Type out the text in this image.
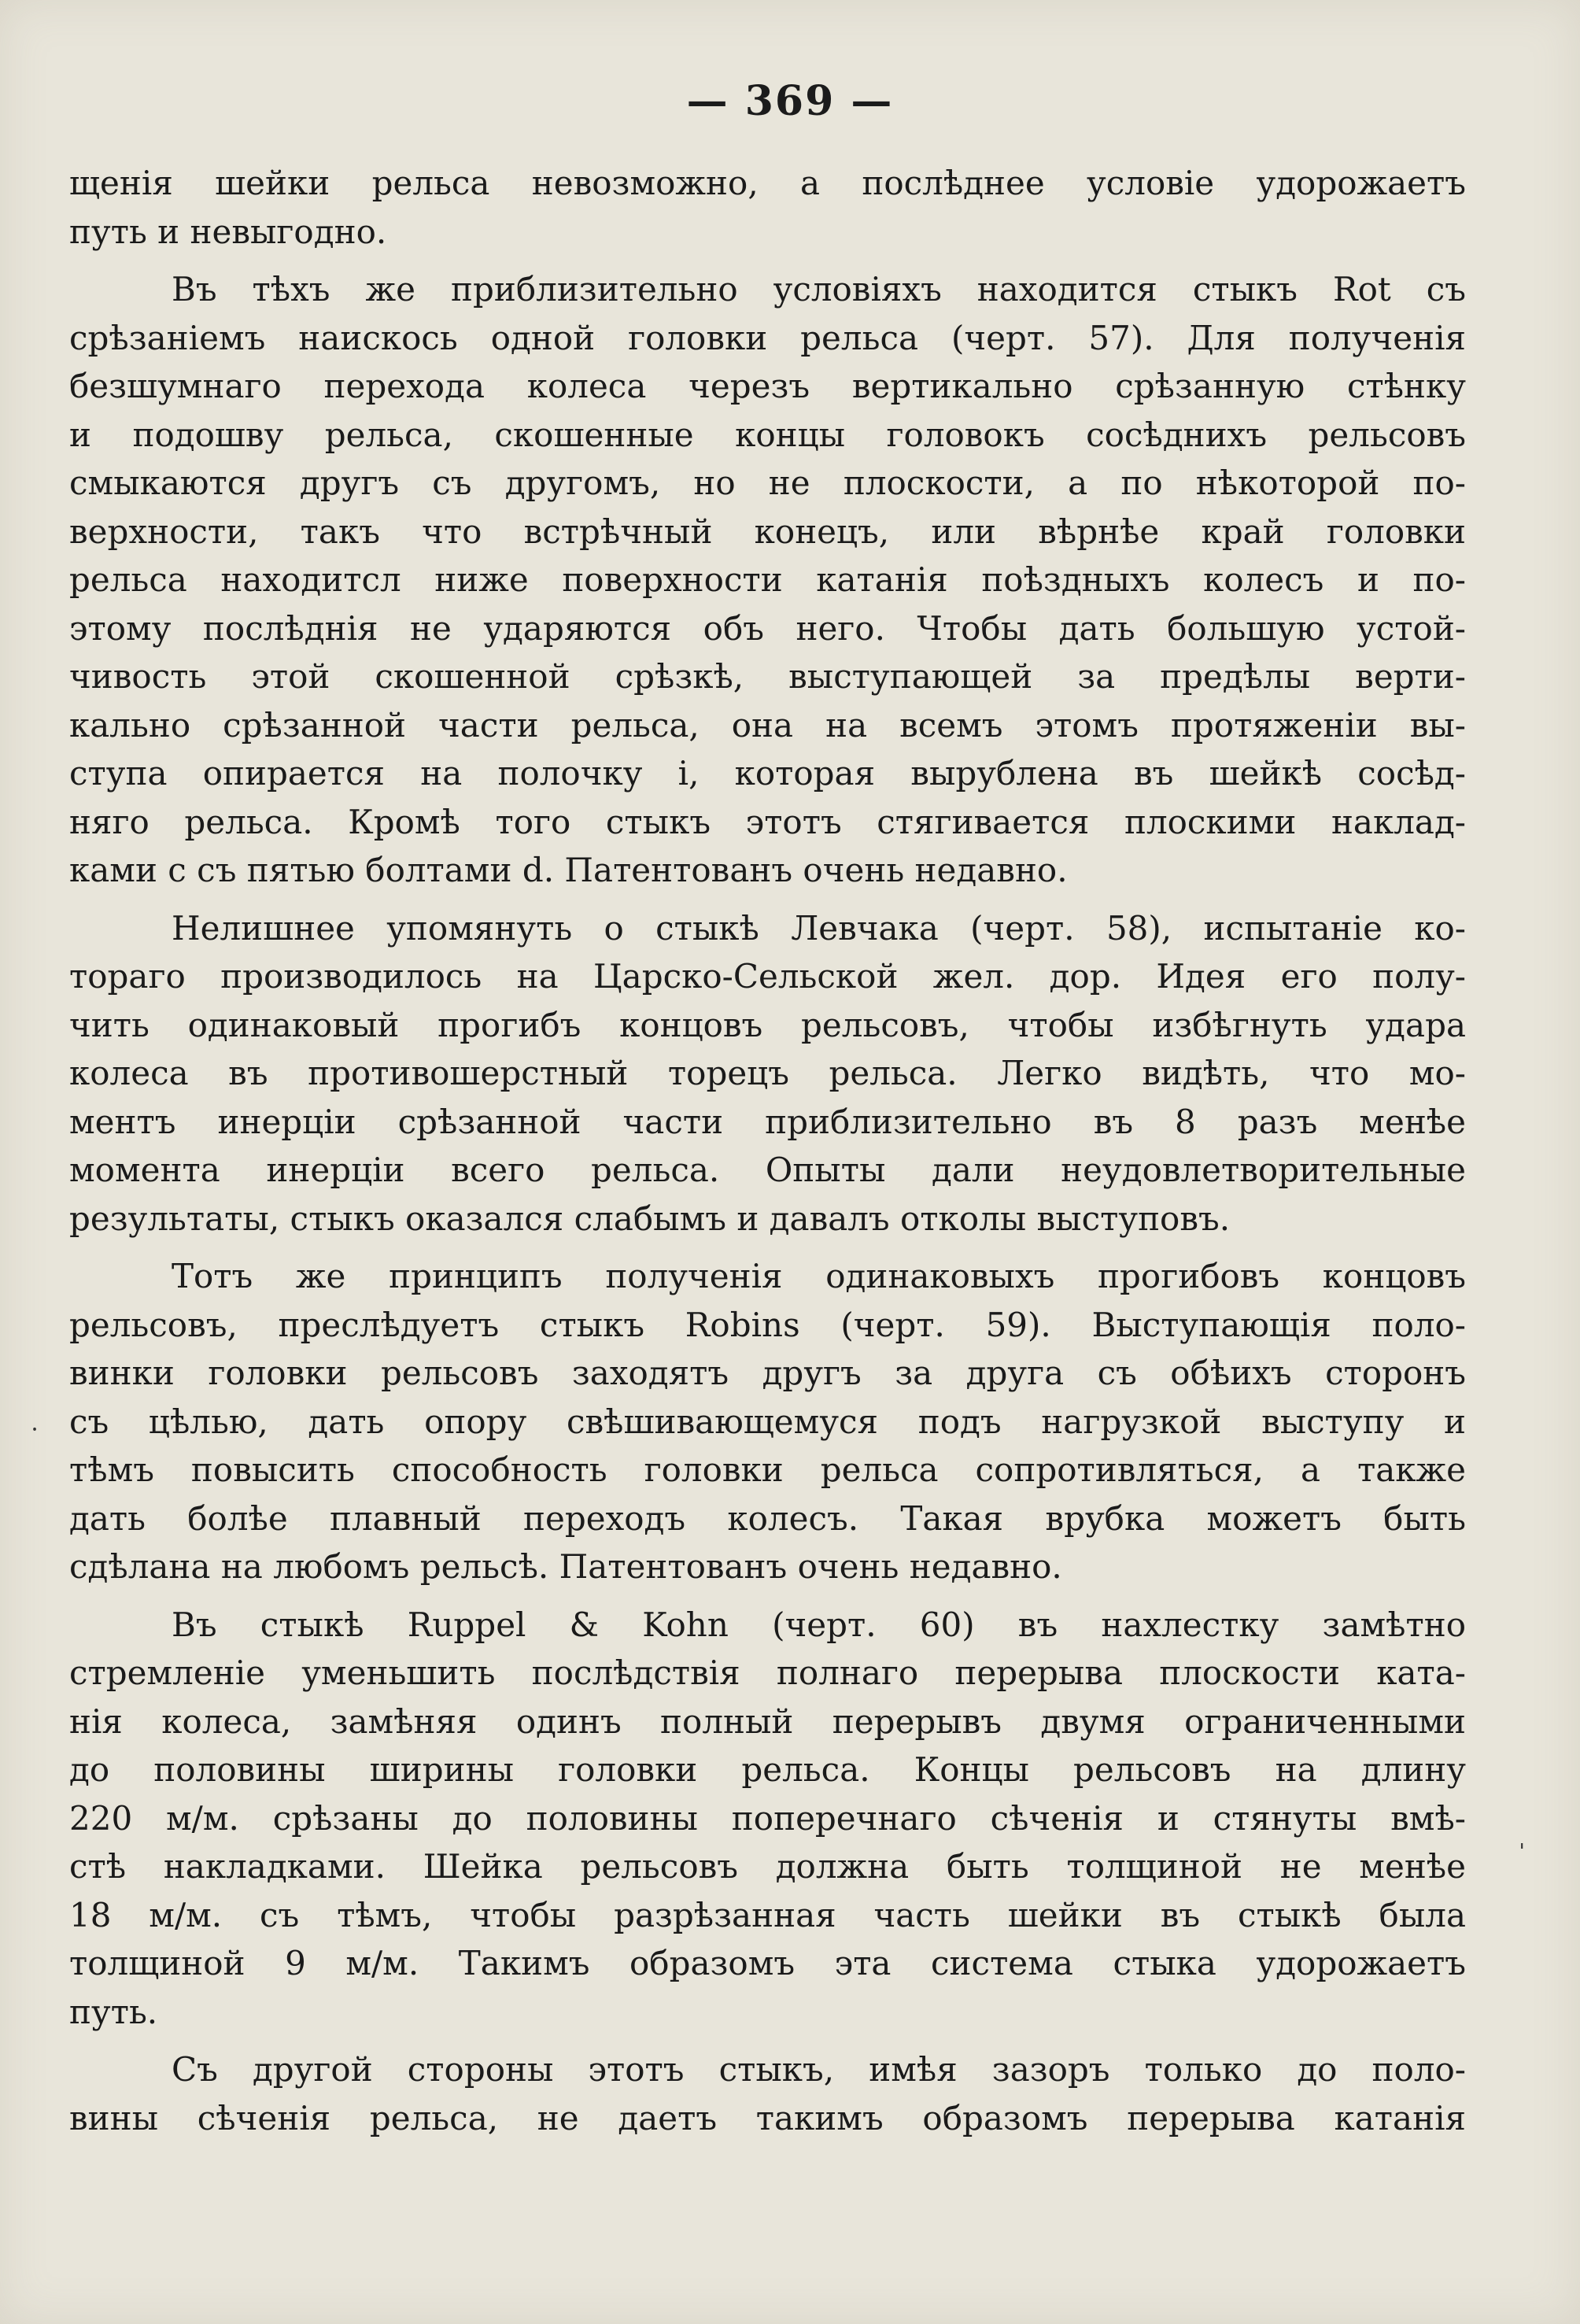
— 369 —

щенія шейки рельса невозможно, а послѣднее условіе удорожаетъ
путь и невыгодно.

Въ тѣхъ же приблизительно условіяхъ находится стыкъ Rot съ
срѣзаніемъ наискось одной головки рельса (черт. 57). Для полученія
безшумнаго перехода колеса черезъ вертикально срѣзанную стѣнку
и подошву рельса, скошенные концы головокъ сосѣднихъ рельсовъ
смыкаются другъ съ другомъ, но не плоскости, а по нѣкоторой по-
верхности, такъ что встрѣчный конецъ, или вѣрнѣе край головки
рельса находитcл ниже поверхности катанія поѣздныхъ колесъ и по-
этому послѣднія не ударяются объ него. Чтобы дать большую устой-
чивость этой скошенной срѣзкѣ, выступающей за предѣлы верти-
кально срѣзанной части рельса, она на всемъ этомъ протяженіи вы-
ступа опирается на полочку i, которая вырублена въ шейкѣ сосѣд-
няго рельса. Кромѣ того стыкъ этотъ стягивается плоскими наклад-
ками с съ пятью болтами d. Патентованъ очень недавно.

Нелишнее упомянуть о стыкѣ Левчака (черт. 58), испытаніе ко-
тораго производилось на Царско-Сельской жел. дор. Идея его полу-
чить одинаковый прогибъ концовъ рельсовъ, чтобы избѣгнуть удара
колеса въ противошерстный торецъ рельса. Легко видѣть, что мо-
ментъ инерціи срѣзанной части приблизительно въ 8 разъ менѣе
момента инерціи всего рельса. Опыты дали неудовлетворительные
результаты, стыкъ оказался слабымъ и давалъ отколы выступовъ.

Тотъ же принципъ полученія одинаковыхъ прогибовъ концовъ
рельсовъ, преслѣдуетъ стыкъ Robins (черт. 59). Выступающія поло-
винки головки рельсовъ заходятъ другъ за друга съ обѣихъ сторонъ
съ цѣлью, дать опору свѣшивающемуся подъ нагрузкой выступу и
тѣмъ повысить способность головки рельса сопротивляться, а также
дать болѣе плавный переходъ колесъ. Такая врубка можетъ быть
сдѣлана на любомъ рельсѣ. Патентованъ очень недавно.

Въ стыкѣ Ruppel & Kohn (черт. 60) въ нахлестку замѣтно
стремленіе уменьшить послѣдствія полнаго перерыва плоскости ката-
нія колеса, замѣняя одинъ полный перерывъ двумя ограниченными
до половины ширины головки рельса. Концы рельсовъ на длину
220 м/м. срѣзаны до половины поперечнаго сѣченія и стянуты вмѣ-
стѣ накладками. Шейка рельсовъ должна быть толщиной не менѣе
18 м/м. съ тѣмъ, чтобы разрѣзанная часть шейки въ стыкѣ была
толщиной 9 м/м. Такимъ образомъ эта система стыка удорожаетъ
путь.

Съ другой стороны этотъ стыкъ, имѣя зазоръ только до поло-
вины сѣченія рельса, не даетъ такимъ образомъ перерыва катанія

⸳
ˈ
